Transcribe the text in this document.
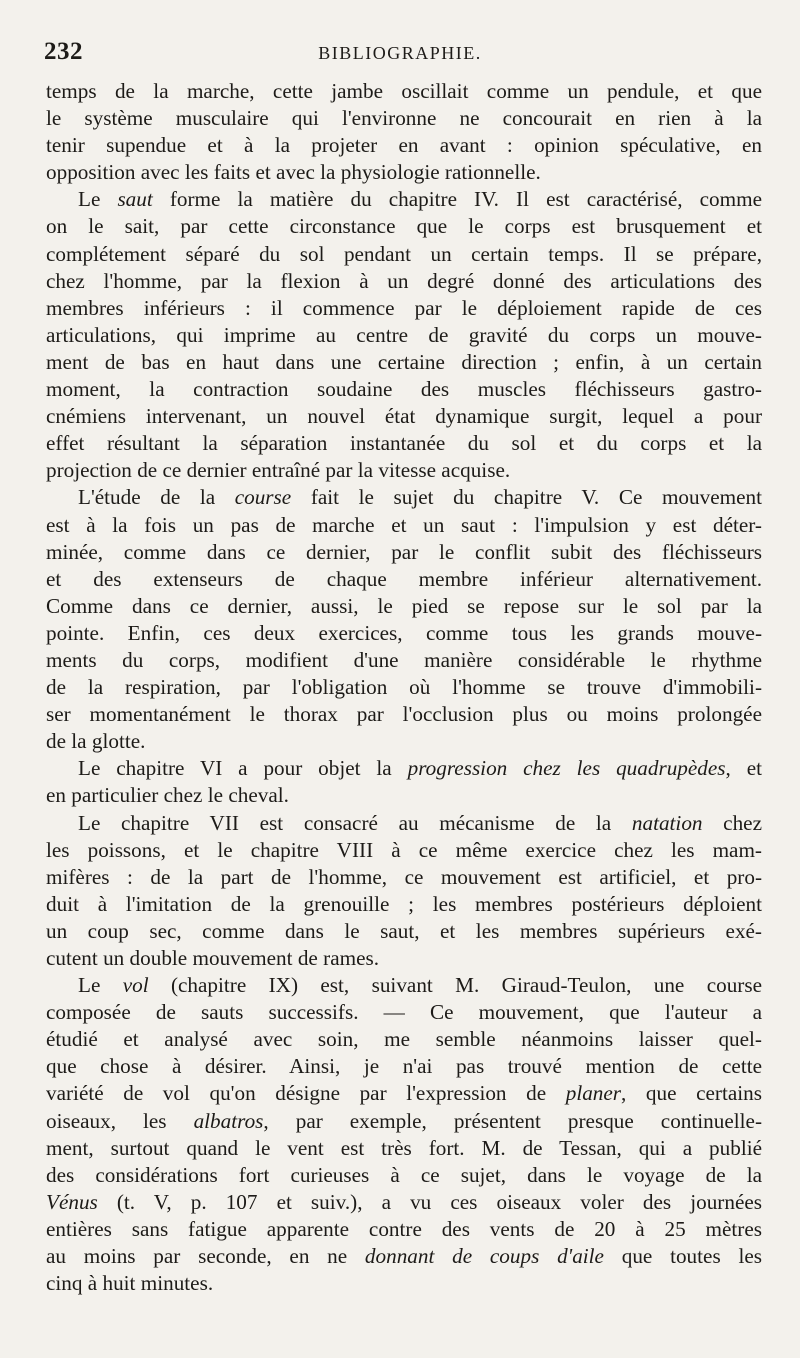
232	BIBLIOGRAPHIE.
temps de la marche, cette jambe oscillait comme un pendule, et que
le système musculaire qui l'environne ne concourait en rien à la
tenir supendue et à la projeter en avant : opinion spéculative, en
opposition avec les faits et avec la physiologie rationnelle.
Le saut forme la matière du chapitre IV. Il est caractérisé, comme
on le sait, par cette circonstance que le corps est brusquement et
complétement séparé du sol pendant un certain temps. Il se prépare,
chez l'homme, par la flexion à un degré donné des articulations des
membres inférieurs : il commence par le déploiement rapide de ces
articulations, qui imprime au centre de gravité du corps un mouve-
ment de bas en haut dans une certaine direction ; enfin, à un certain
moment, la contraction soudaine des muscles fléchisseurs gastro-
cnémiens intervenant, un nouvel état dynamique surgit, lequel a pour
effet résultant la séparation instantanée du sol et du corps et la
projection de ce dernier entraîné par la vitesse acquise.
L'étude de la course fait le sujet du chapitre V. Ce mouvement
est à la fois un pas de marche et un saut : l'impulsion y est déter-
minée, comme dans ce dernier, par le conflit subit des fléchisseurs
et des extenseurs de chaque membre inférieur alternativement.
Comme dans ce dernier, aussi, le pied se repose sur le sol par la
pointe. Enfin, ces deux exercices, comme tous les grands mouve-
ments du corps, modifient d'une manière considérable le rhythme
de la respiration, par l'obligation où l'homme se trouve d'immobili-
ser momentanément le thorax par l'occlusion plus ou moins prolongée
de la glotte.
Le chapitre VI a pour objet la progression chez les quadrupèdes, et
en particulier chez le cheval.
Le chapitre VII est consacré au mécanisme de la natation chez
les poissons, et le chapitre VIII à ce même exercice chez les mam-
mifères : de la part de l'homme, ce mouvement est artificiel, et pro-
duit à l'imitation de la grenouille ; les membres postérieurs déploient
un coup sec, comme dans le saut, et les membres supérieurs exé-
cutent un double mouvement de rames.
Le vol (chapitre IX) est, suivant M. Giraud-Teulon, une course
composée de sauts successifs. — Ce mouvement, que l'auteur a
étudié et analysé avec soin, me semble néanmoins laisser quel-
que chose à désirer. Ainsi, je n'ai pas trouvé mention de cette
variété de vol qu'on désigne par l'expression de planer, que certains
oiseaux, les albatros, par exemple, présentent presque continuelle-
ment, surtout quand le vent est très fort. M. de Tessan, qui a publié
des considérations fort curieuses à ce sujet, dans le voyage de la
Vénus (t. V, p. 107 et suiv.), a vu ces oiseaux voler des journées
entières sans fatigue apparente contre des vents de 20 à 25 mètres
au moins par seconde, en ne donnant de coups d'aile que toutes les
cinq à huit minutes.
